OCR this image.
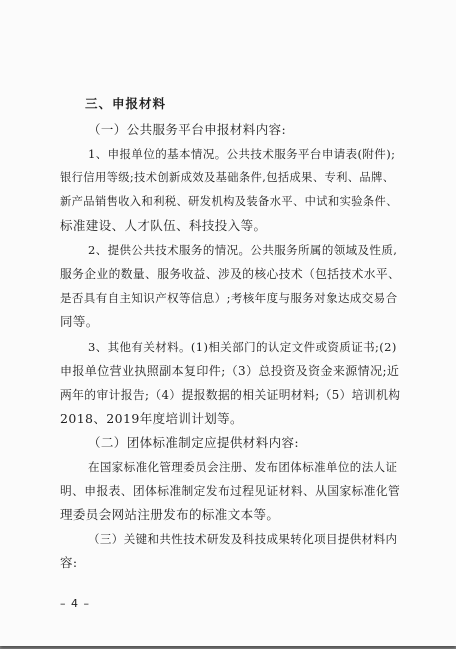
三、申报材料
（一）公共服务平台申报材料内容:
1、申报单位的基本情况。公共技术服务平台申请表(附件);
银行信用等级;技术创新成效及基础条件,包括成果、专利、品牌、
新产品销售收入和利税、研发机构及装备水平、中试和实验条件、
标准建设、人才队伍、科技投入等。
2、提供公共技术服务的情况。公共服务所属的领域及性质,
服务企业的数量、服务收益、涉及的核心技术（包括技术水平、
是否具有自主知识产权等信息）;考核年度与服务对象达成交易合
同等。
3、其他有关材料。(1)相关部门的认定文件或资质证书;(2)
申报单位营业执照副本复印件;（3）总投资及资金来源情况;近
两年的审计报告;（4）提报数据的相关证明材料;（5）培训机构
2018、2019年度培训计划等。
（二）团体标准制定应提供材料内容:
在国家标准化管理委员会注册、发布团体标准单位的法人证
明、申报表、团体标准制定发布过程见证材料、从国家标准化管
理委员会网站注册发布的标准文本等。
（三）关键和共性技术研发及科技成果转化项目提供材料内
容:
– 4 –
